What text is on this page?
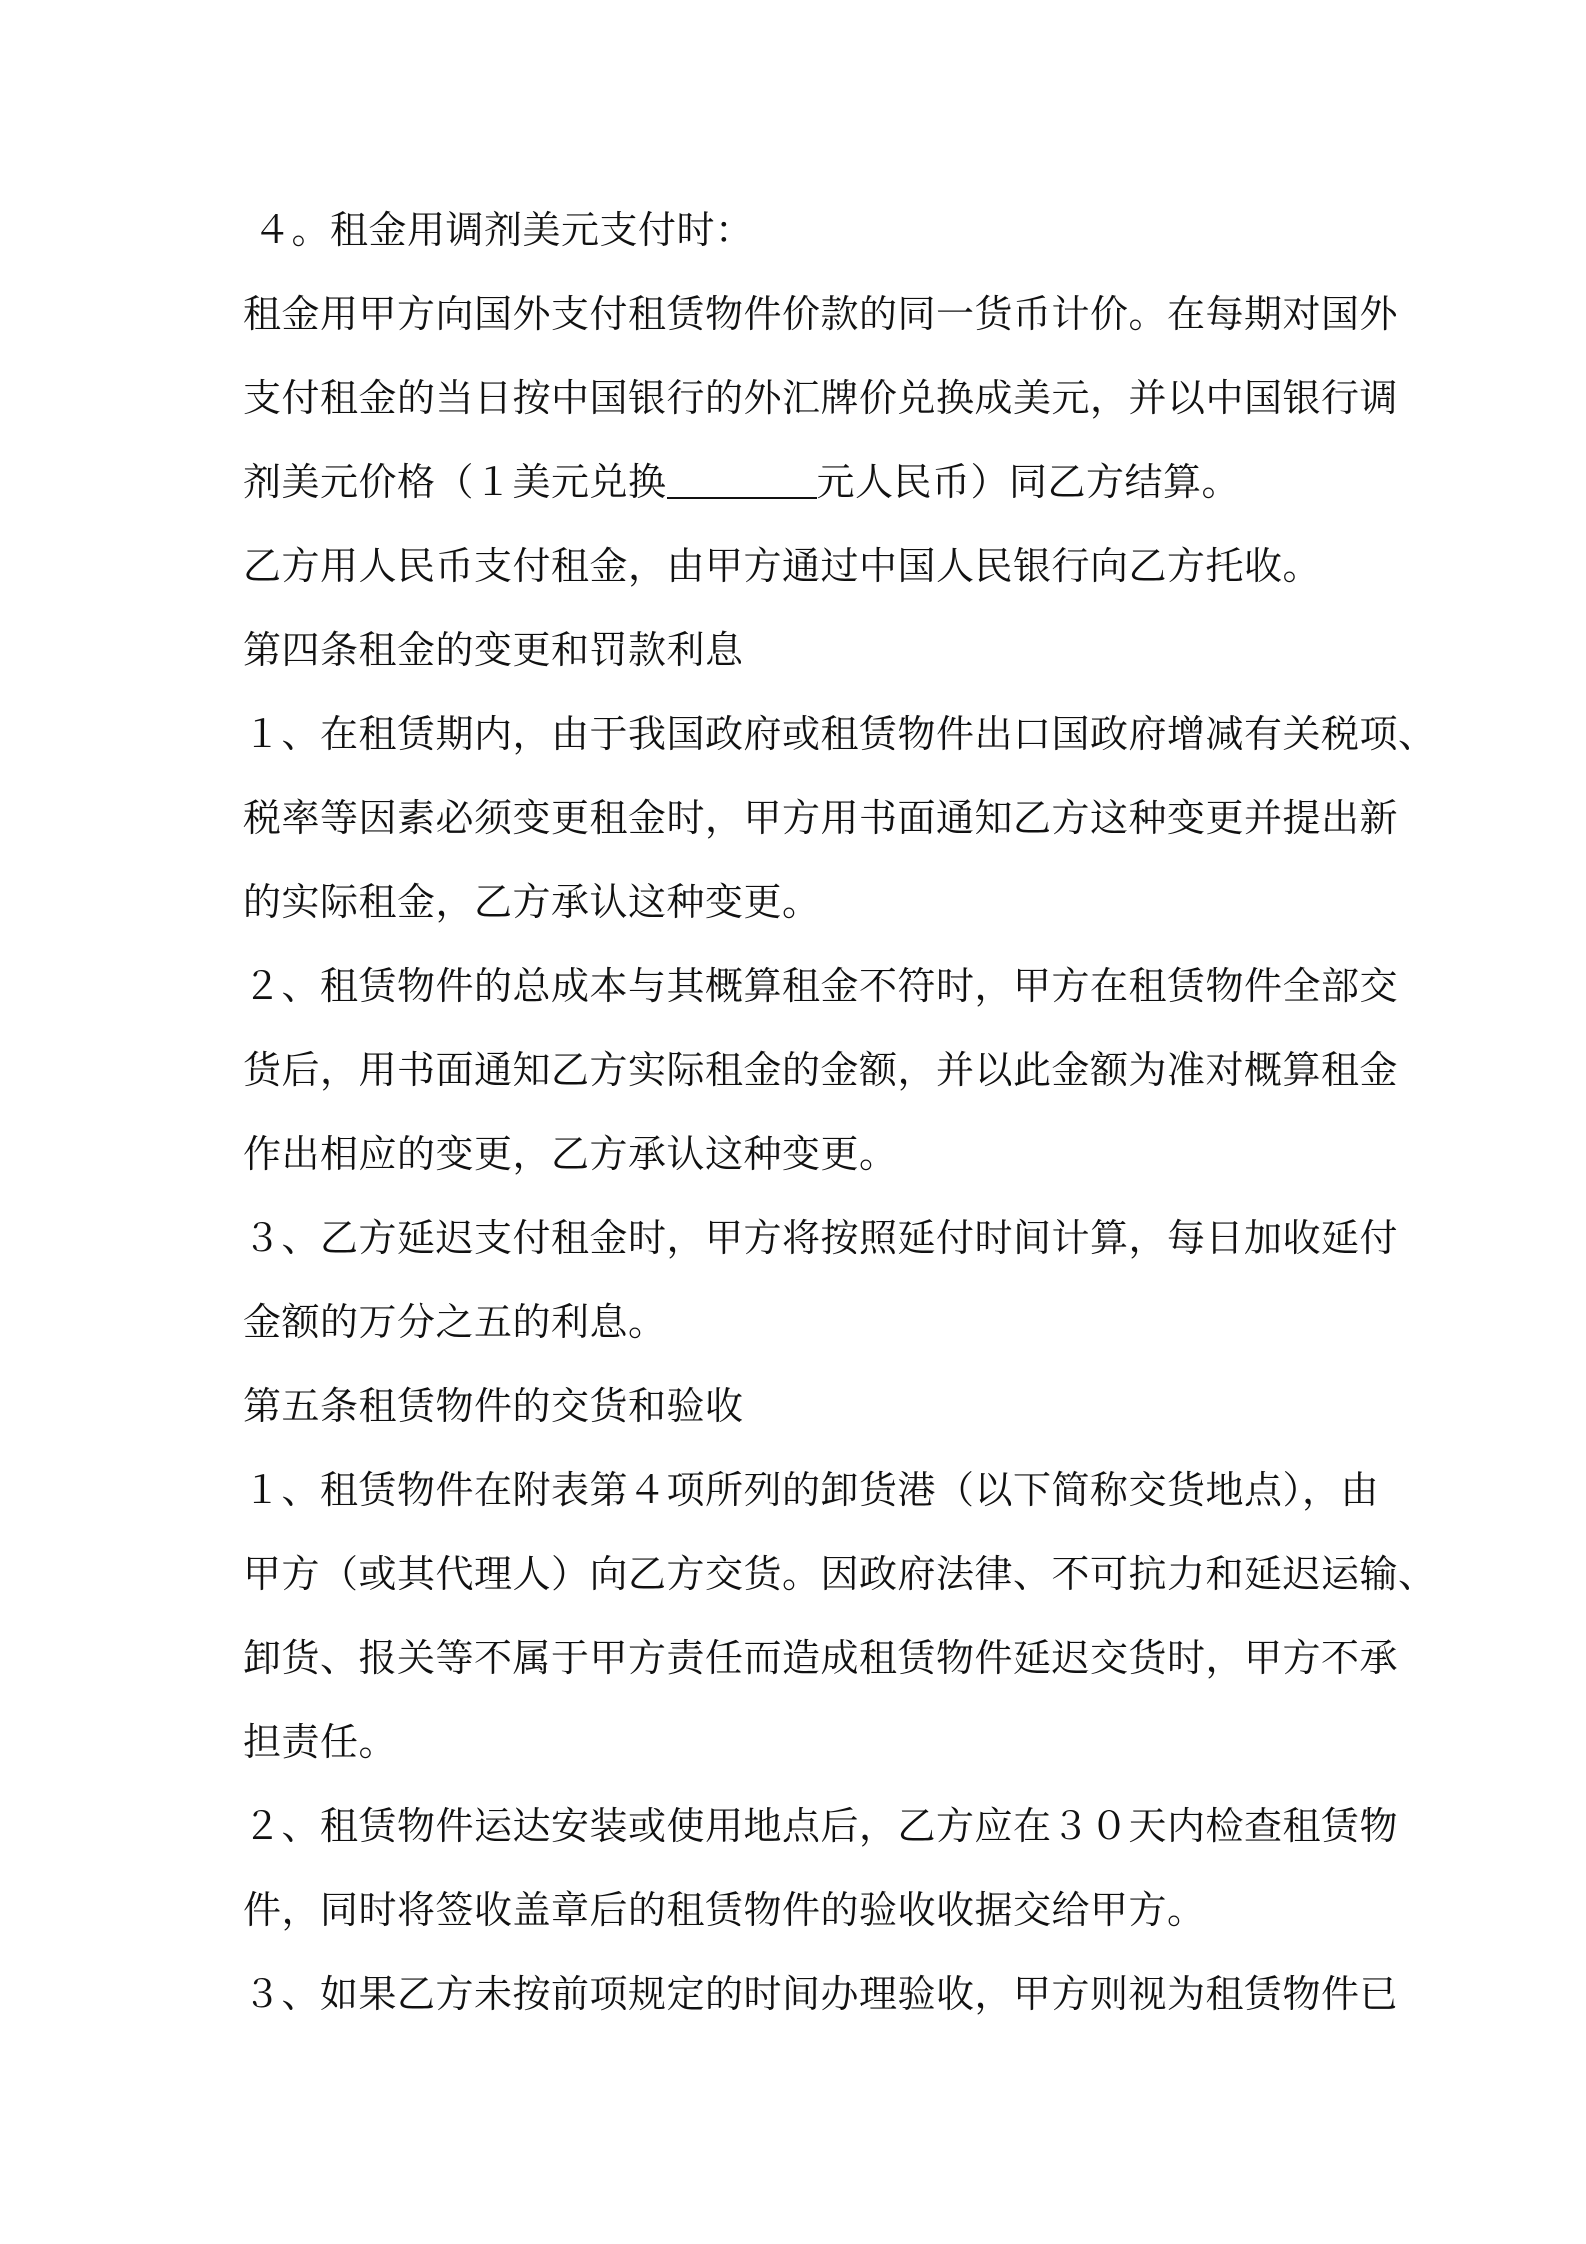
４。租金用调剂美元支付时：
租金用甲方向国外支付租赁物件价款的同一货币计价。在每期对国外
支付租金的当日按中国银行的外汇牌价兑换成美元，并以中国银行调
剂美元价格（１美元兑换	元人民币）同乙方结算。
乙方用人民币支付租金，由甲方通过中国人民银行向乙方托收。
第四条租金的变更和罚款利息
１、在租赁期内，由于我国政府或租赁物件出口国政府增减有关税项、
税率等因素必须变更租金时，甲方用书面通知乙方这种变更并提出新
的实际租金，乙方承认这种变更。
２、租赁物件的总成本与其概算租金不符时，甲方在租赁物件全部交
货后，用书面通知乙方实际租金的金额，并以此金额为准对概算租金
作出相应的变更，乙方承认这种变更。
３、乙方延迟支付租金时，甲方将按照延付时间计算，每日加收延付
金额的万分之五的利息。
第五条租赁物件的交货和验收
１、租赁物件在附表第４项所列的卸货港（以下简称交货地点），由
甲方（或其代理人）向乙方交货。因政府法律、不可抗力和延迟运输、
卸货、报关等不属于甲方责任而造成租赁物件延迟交货时，甲方不承
担责任。
２、租赁物件运达安装或使用地点后，乙方应在３０天内检查租赁物
件，同时将签收盖章后的租赁物件的验收收据交给甲方。
３、如果乙方未按前项规定的时间办理验收，甲方则视为租赁物件已
